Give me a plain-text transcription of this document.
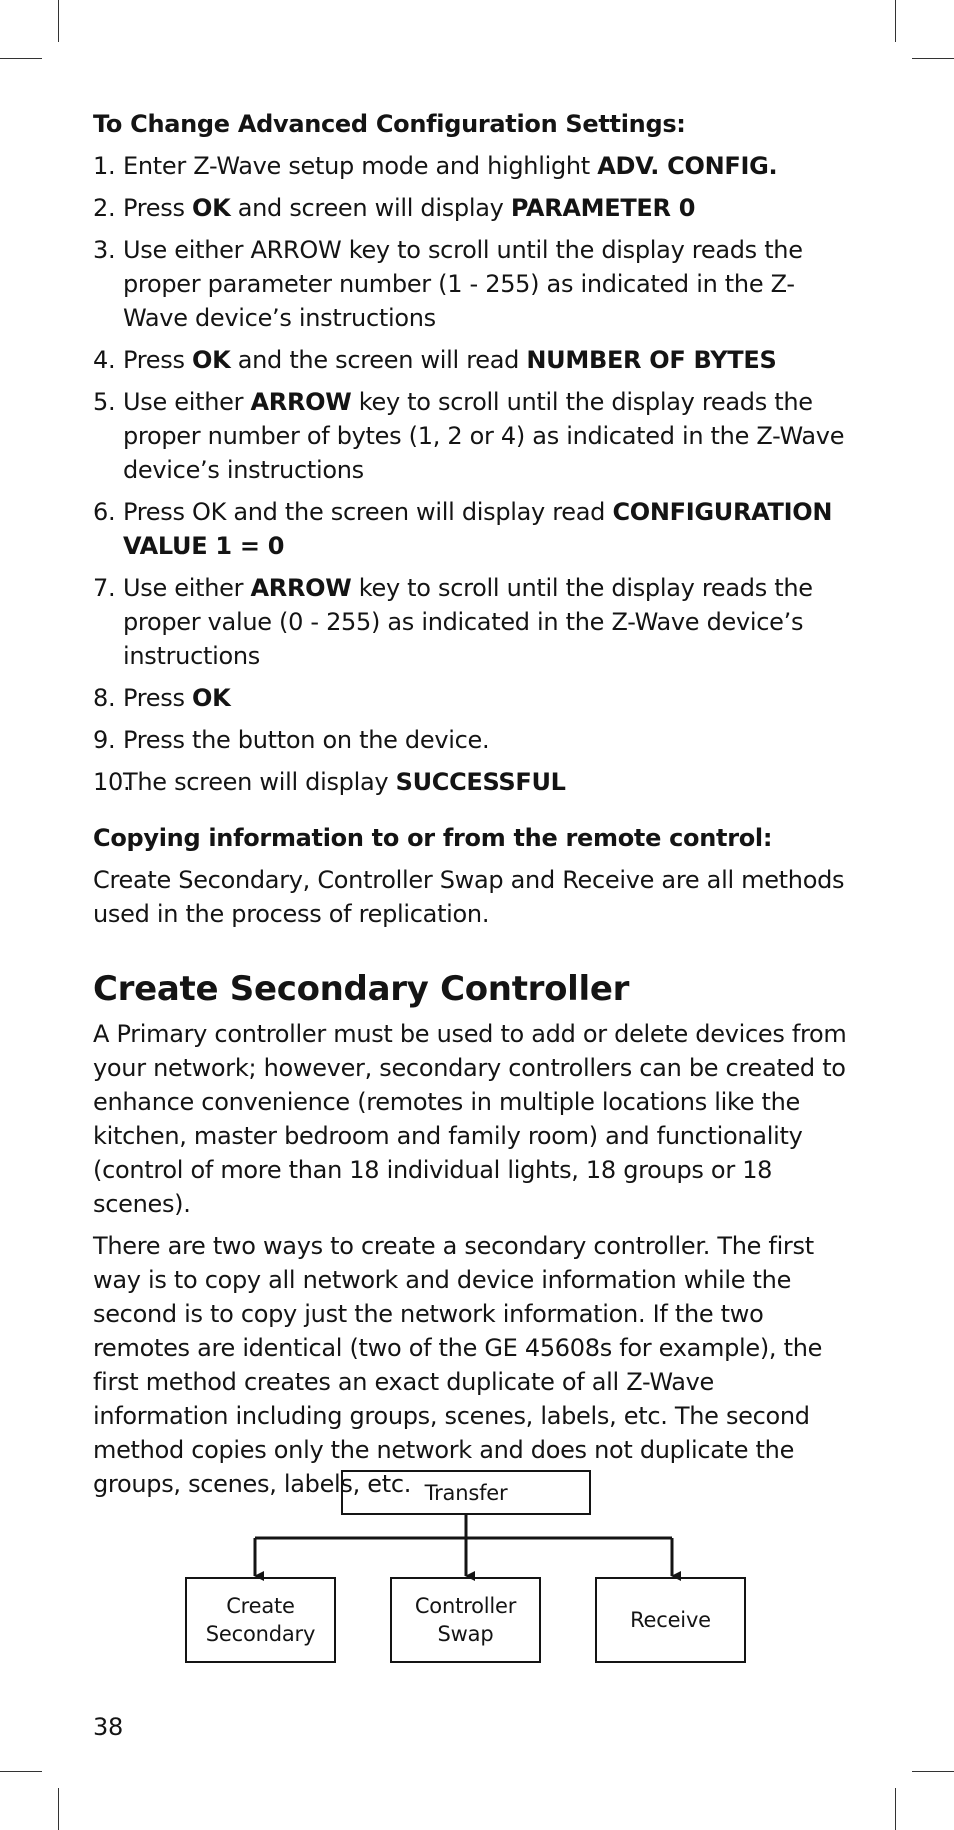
To Change Advanced Configuration Settings:

1. Enter Z-Wave setup mode and highlight ADV. CONFIG.
2. Press OK and screen will display PARAMETER 0
3. Use either ARROW key to scroll until the display reads the proper parameter number (1 - 255) as indicated in the Z-Wave device’s instructions
4. Press OK and the screen will read NUMBER OF BYTES
5. Use either ARROW key to scroll until the display reads the proper number of bytes (1, 2 or 4) as indicated in the Z-Wave device’s instructions
6. Press OK and the screen will display read CONFIGURATION VALUE 1 = 0
7. Use either ARROW key to scroll until the display reads the proper value (0 - 255) as indicated in the Z-Wave device’s instructions
8. Press OK
9. Press the button on the device.
10.
The screen will display SUCCESSFUL

Copying information to or from the remote control:

Create Secondary, Controller Swap and Receive are all methods used in the process of replication.

Create Secondary Controller

A Primary controller must be used to add or delete devices from your network; however, secondary controllers can be created to enhance convenience (remotes in multiple locations like the kitchen, master bedroom and family room) and functionality (control of more than 18 individual lights, 18 groups or 18 scenes).

There are two ways to create a secondary controller. The first way is to copy all network and device information while the second is to copy just the network information. If the two remotes are identical (two of the GE 45608s for example), the first method creates an exact duplicate of all Z-Wave information including groups, scenes, labels, etc. The second method copies only the network and does not duplicate the groups, scenes, labels, etc. Transfer
Create
Secondary
Controller
Swap
Receive
38
